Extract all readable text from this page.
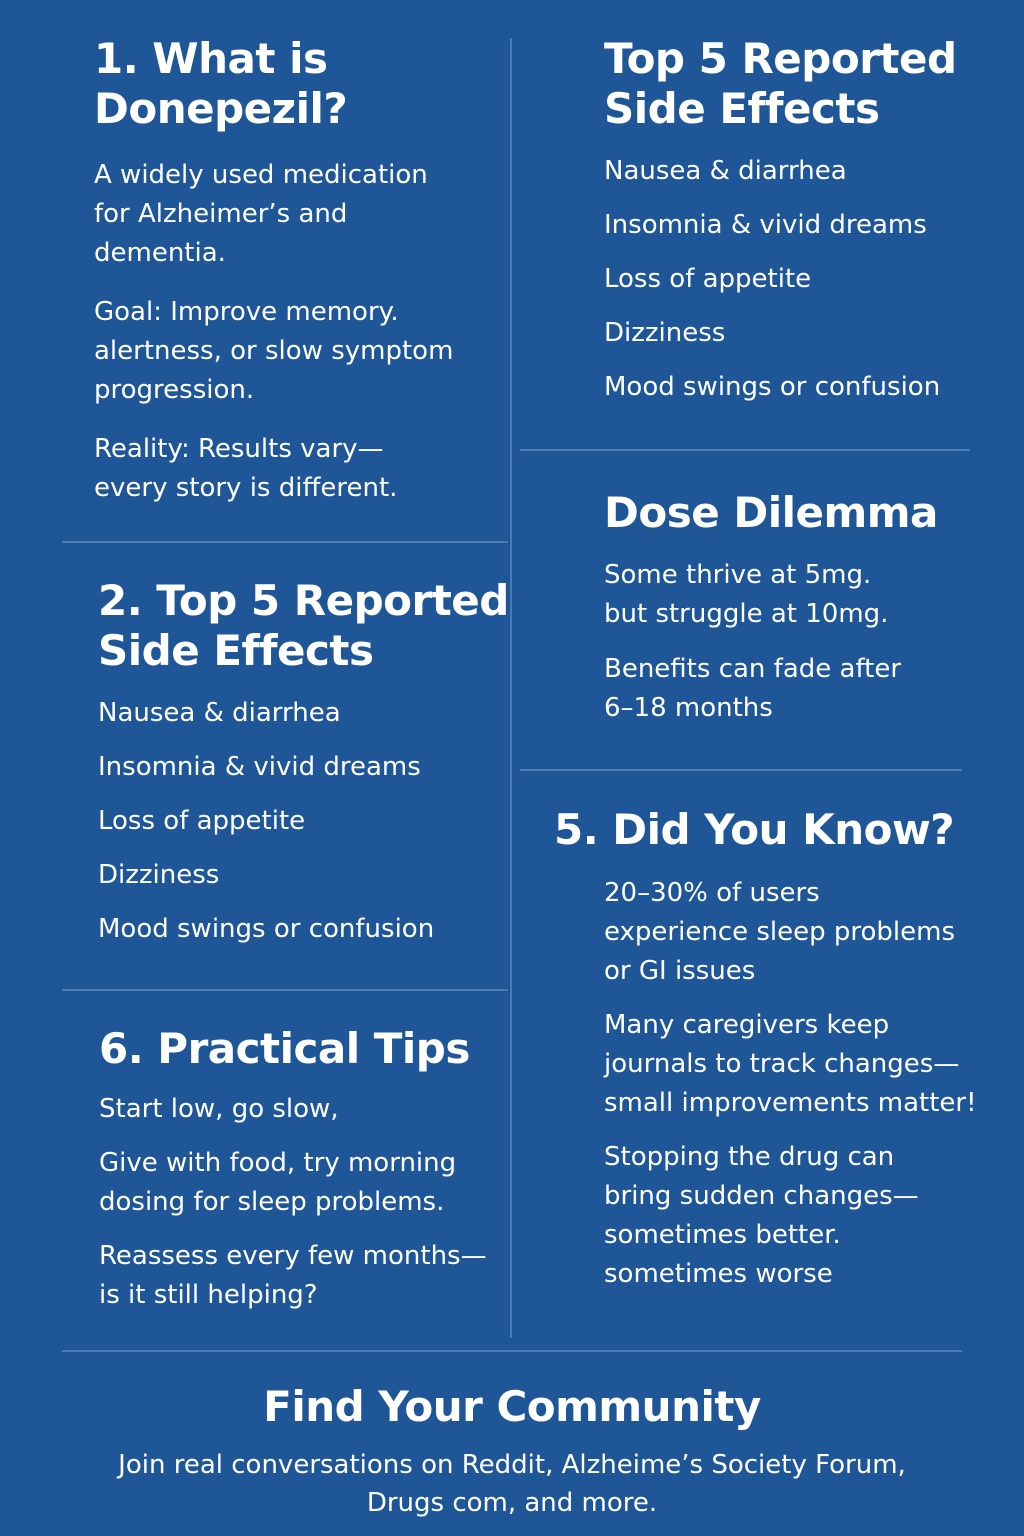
1. What is
Donepezil?
A widely used medication
for Alzheimer’s and
dementia.
Goal: Improve memory.
alertness, or slow symptom
progression.
Reality: Results vary—
every story is different.
Top 5 Reported
Side Effects
Nausea & diarrhea
Insomnia & vivid dreams
Loss of appetite
Dizziness
Mood swings or confusion
2. Top 5 Reported
Side Effects
Nausea & diarrhea
Insomnia & vivid dreams
Loss of appetite
Dizziness
Mood swings or confusion
Dose Dilemma
Some thrive at 5mg.
but struggle at 10mg.
Benefits can fade after
6–18 months
5. Did You Know?
20–30% of users
experience sleep problems
or GI issues
Many caregivers keep
journals to track changes—
small improvements matter!
Stopping the drug can
bring sudden changes—
sometimes better.
sometimes worse
6. Practical Tips
Start low, go slow,
Give with food, try morning
dosing for sleep problems.
Reassess every few months—
is it still helping?
Find Your Community
Join real conversations on Reddit, Alzheime’s Society Forum,
Drugs com, and more.
